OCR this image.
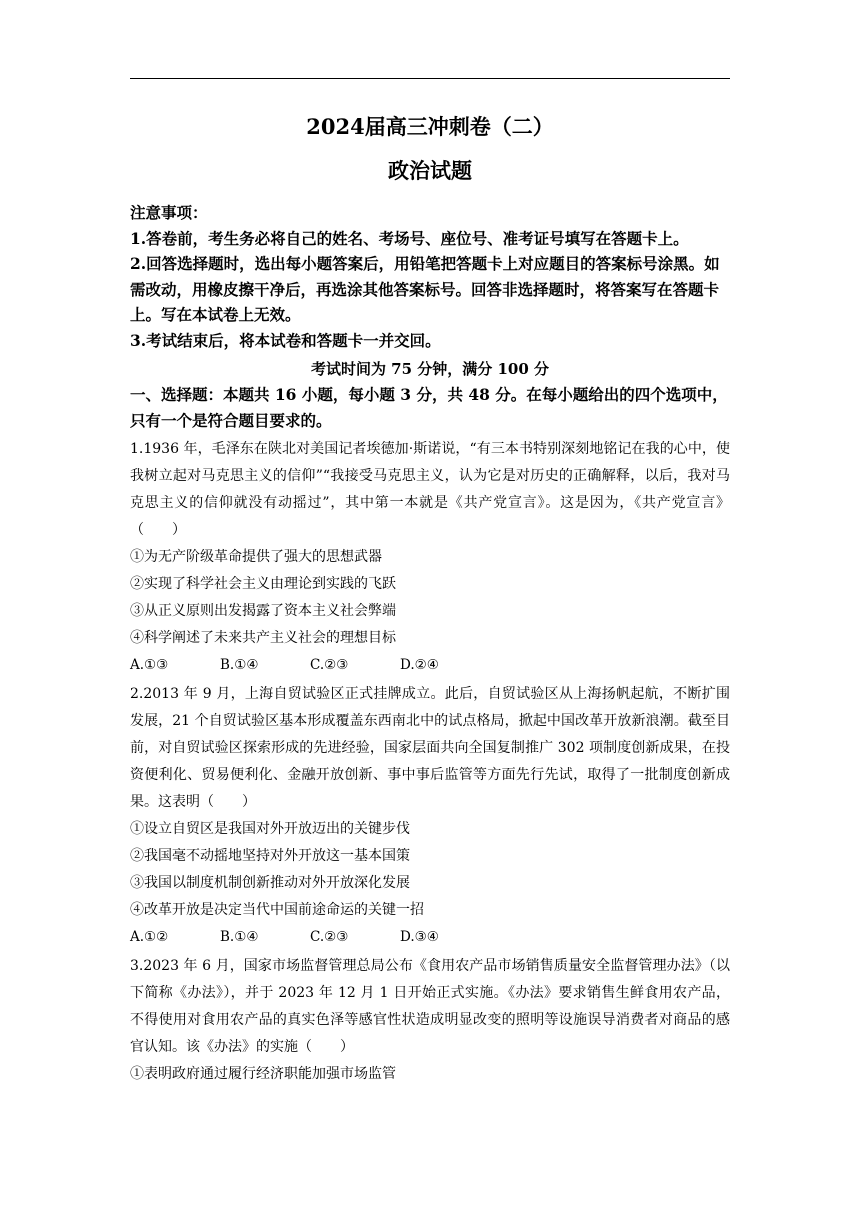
2024届高三冲刺卷（二）

政治试题

注意事项：

1.答卷前，考生务必将自己的姓名、考场号、座位号、准考证号填写在答题卡上。

2.回答选择题时，选出每小题答案后，用铅笔把答题卡上对应题目的答案标号涂黑。如需改动，用橡皮擦干净后，再选涂其他答案标号。回答非选择题时，将答案写在答题卡上。写在本试卷上无效。

3.考试结束后，将本试卷和答题卡一并交回。

考试时间为 75 分钟，满分 100 分

一、选择题：本题共 16 小题，每小题 3 分，共 48 分。在每小题给出的四个选项中，只有一个是符合题目要求的。

1.1936 年，毛泽东在陕北对美国记者埃德加·斯诺说，“有三本书特别深刻地铭记在我的心中，使我树立起对马克思主义的信仰”“我接受马克思主义，认为它是对历史的正确解释，以后，我对马克思主义的信仰就没有动摇过”，其中第一本就是《共产党宣言》。这是因为，《共产党宣言》（　　）

①为无产阶级革命提供了强大的思想武器

②实现了科学社会主义由理论到实践的飞跃

③从正义原则出发揭露了资本主义社会弊端

④科学阐述了未来共产主义社会的理想目标

A.①③	B.①④	C.②③	D.②④

2.2013 年 9 月，上海自贸试验区正式挂牌成立。此后，自贸试验区从上海扬帆起航，不断扩围发展，21 个自贸试验区基本形成覆盖东西南北中的试点格局，掀起中国改革开放新浪潮。截至目前，对自贸试验区探索形成的先进经验，国家层面共向全国复制推广 302 项制度创新成果，在投资便利化、贸易便利化、金融开放创新、事中事后监管等方面先行先试，取得了一批制度创新成果。这表明（　　）

①设立自贸区是我国对外开放迈出的关键步伐

②我国毫不动摇地坚持对外开放这一基本国策

③我国以制度机制创新推动对外开放深化发展

④改革开放是决定当代中国前途命运的关键一招

A.①②	B.①④	C.②③	D.③④

3.2023 年 6 月，国家市场监督管理总局公布《食用农产品市场销售质量安全监督管理办法》（以下简称《办法》），并于 2023 年 12 月 1 日开始正式实施。《办法》要求销售生鲜食用农产品，不得使用对食用农产品的真实色泽等感官性状造成明显改变的照明等设施误导消费者对商品的感官认知。该《办法》的实施（　　）

①表明政府通过履行经济职能加强市场监管
